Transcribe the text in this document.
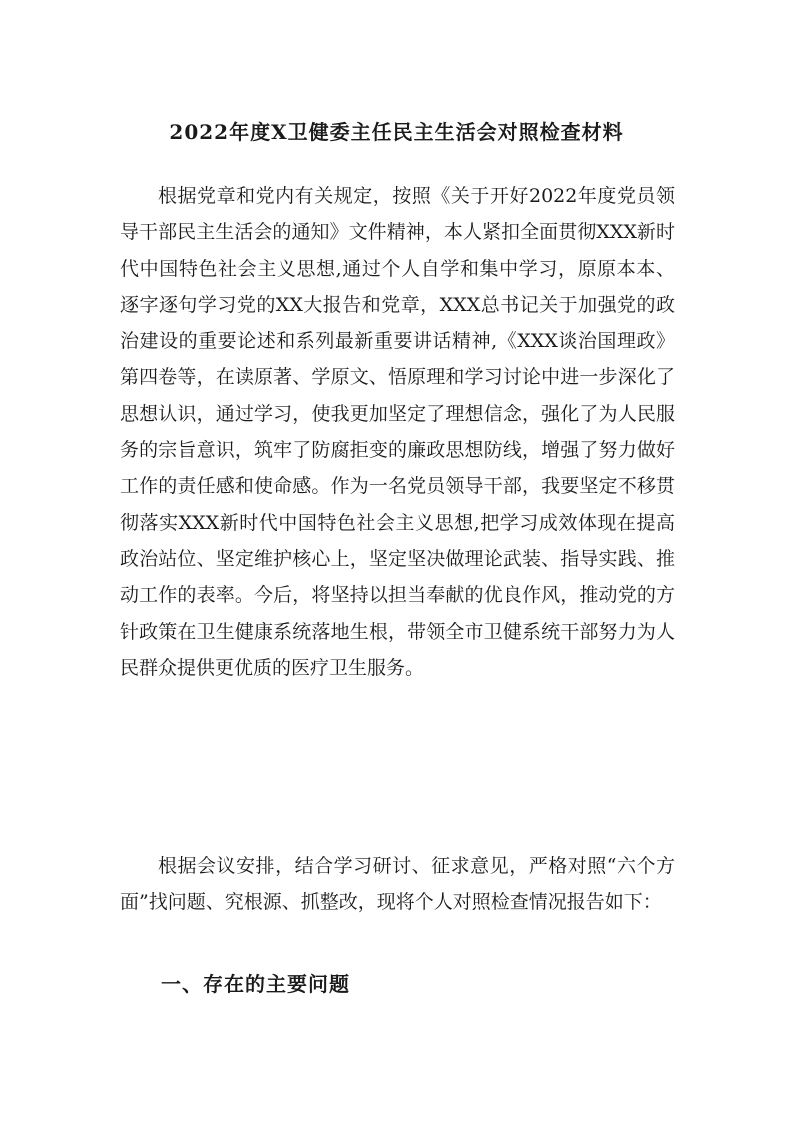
2022年度X卫健委主任民主生活会对照检查材料

根据党章和党内有关规定，按照《关于开好2022年度党员领导干部民主生活会的通知》文件精神，本人紧扣全面贯彻XXX新时代中国特色社会主义思想,通过个人自学和集中学习，原原本本、逐字逐句学习党的XX大报告和党章，XXX总书记关于加强党的政治建设的重要论述和系列最新重要讲话精神,《XXX谈治国理政》第四卷等，在读原著、学原文、悟原理和学习讨论中进一步深化了思想认识，通过学习，使我更加坚定了理想信念，强化了为人民服务的宗旨意识，筑牢了防腐拒变的廉政思想防线，增强了努力做好工作的责任感和使命感。作为一名党员领导干部，我要坚定不移贯彻落实XXX新时代中国特色社会主义思想,把学习成效体现在提高政治站位、坚定维护核心上，坚定坚决做理论武装、指导实践、推动工作的表率。今后，将坚持以担当奉献的优良作风，推动党的方针政策在卫生健康系统落地生根，带领全市卫健系统干部努力为人民群众提供更优质的医疗卫生服务。

根据会议安排，结合学习研讨、征求意见，严格对照“六个方面”找问题、究根源、抓整改，现将个人对照检查情况报告如下：

一、存在的主要问题
